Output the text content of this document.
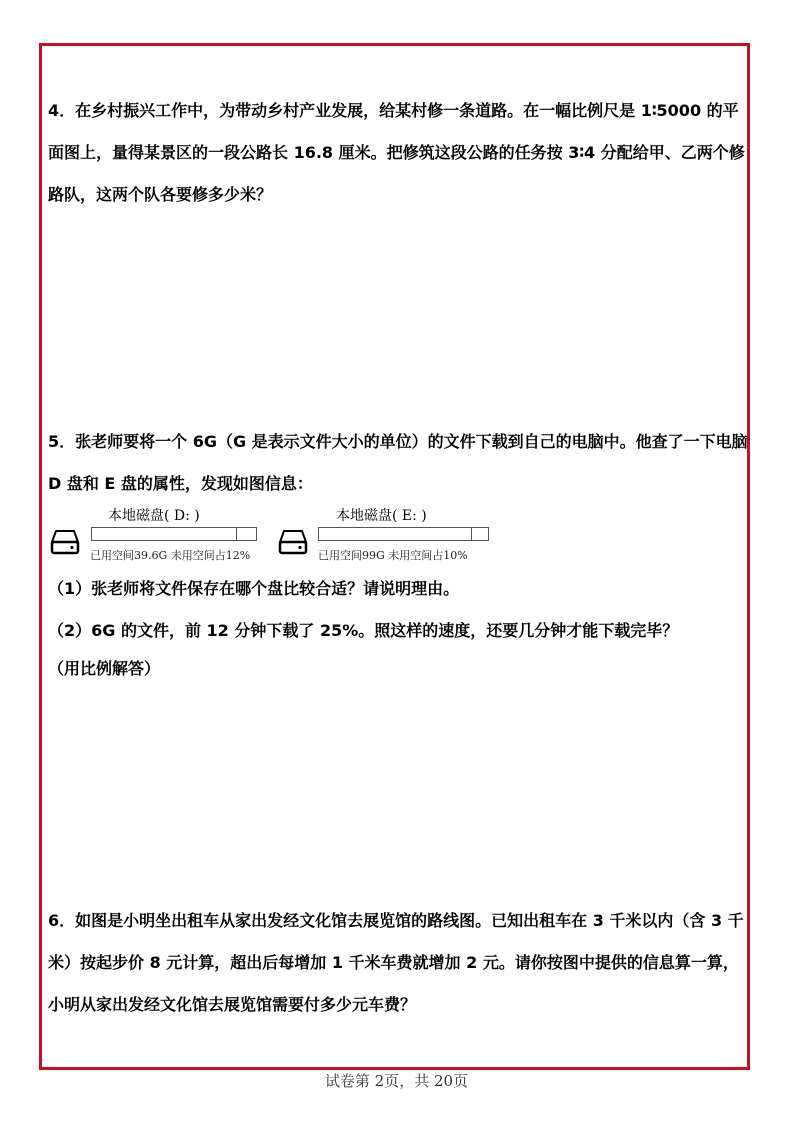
4．在乡村振兴工作中，为带动乡村产业发展，给某村修一条道路。在一幅比例尺是 1∶5000 的平面图上，量得某景区的一段公路长 16.8 厘米。把修筑这段公路的任务按 3∶4 分配给甲、乙两个修路队，这两个队各要修多少米？

5．张老师要将一个 6G（G 是表示文件大小的单位）的文件下载到自己的电脑中。他查了一下电脑 D 盘和 E 盘的属性，发现如图信息：

本地磁盘( D: )
已用空间39.6G 未用空间占12%
本地磁盘( E: )
已用空间99G 未用空间占10%

（1）张老师将文件保存在哪个盘比较合适？请说明理由。

（2）6G 的文件，前 12 分钟下载了 25%。照这样的速度，还要几分钟才能下载完毕？

（用比例解答）

6．如图是小明坐出租车从家出发经文化馆去展览馆的路线图。已知出租车在 3 千米以内（含 3 千米）按起步价 8 元计算，超出后每增加 1 千米车费就增加 2 元。请你按图中提供的信息算一算，小明从家出发经文化馆去展览馆需要付多少元车费？

试卷第 2页，共 20页
